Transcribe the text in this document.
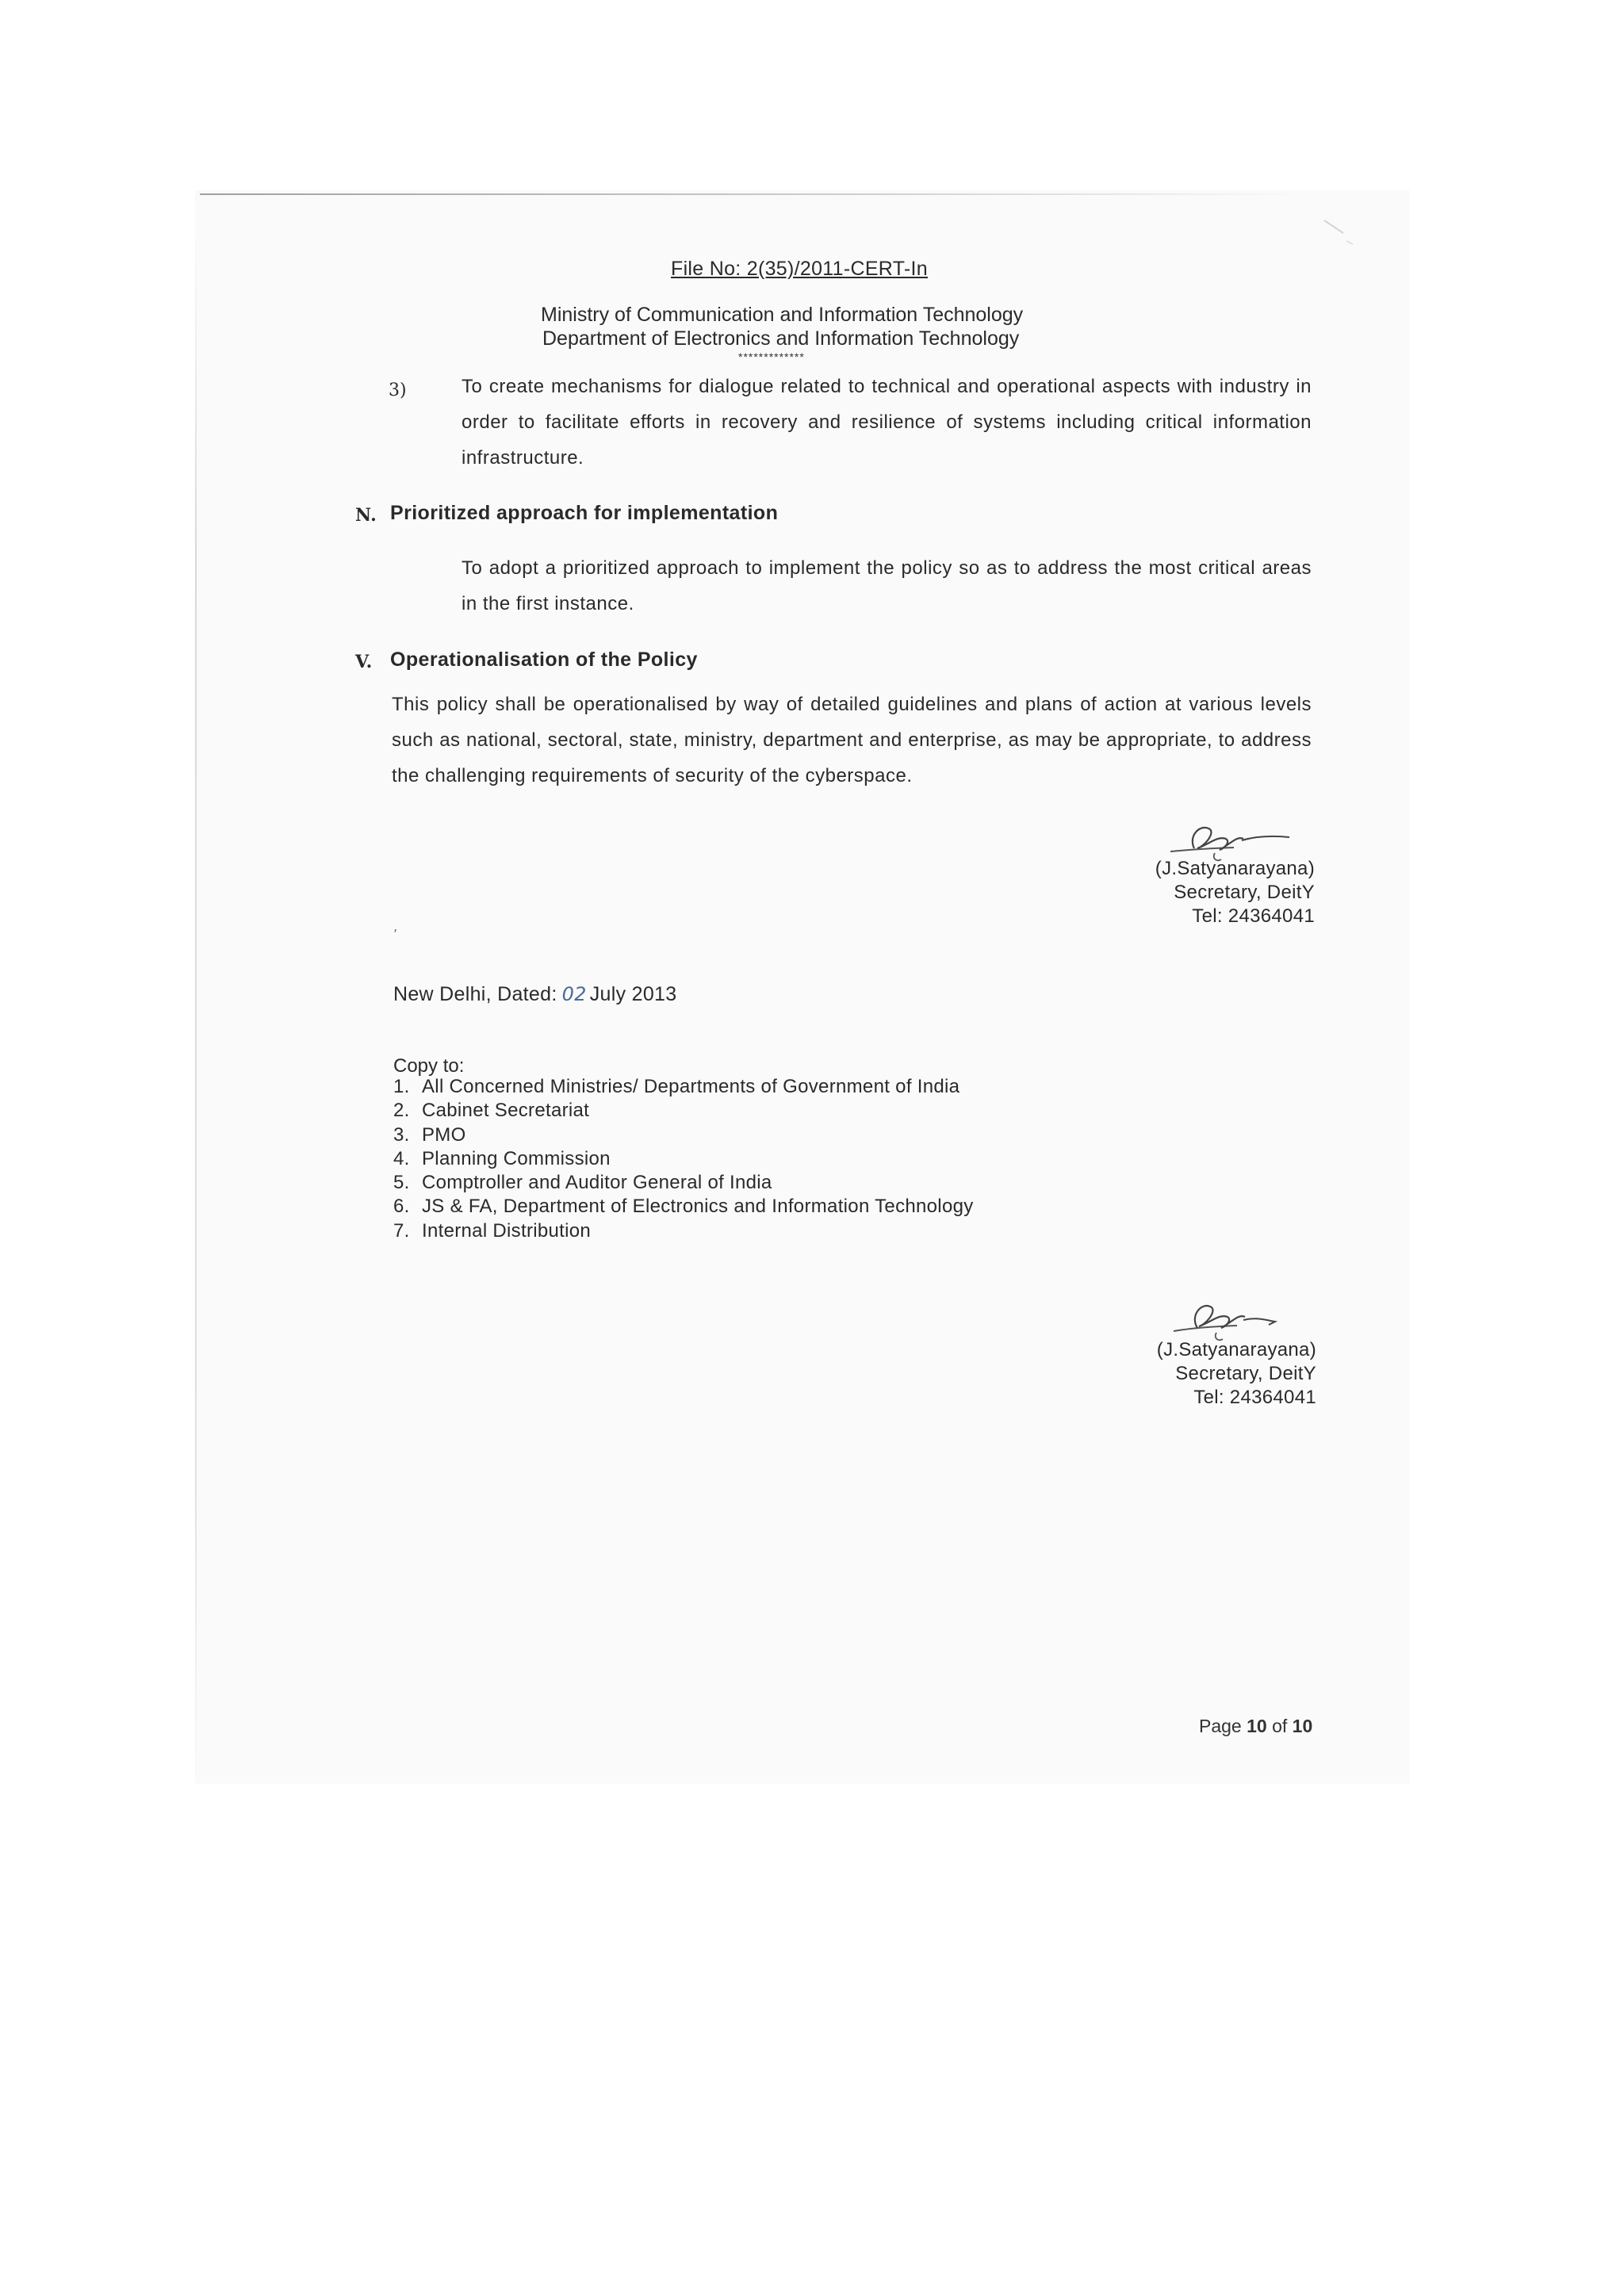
File No: 2(35)/2011-CERT-In
Ministry of Communication and Information Technology
Department of Electronics and Information Technology
*************
3)	To create mechanisms for dialogue related to technical and operational aspects with industry in order to facilitate efforts in recovery and resilience of systems including critical information infrastructure.
N. Prioritized approach for implementation
To adopt a prioritized approach to implement the policy so as to address the most critical areas in the first instance.
V. Operationalisation of the Policy
This policy shall be operationalised by way of detailed guidelines and plans of action at various levels such as national, sectoral, state, ministry, department and enterprise, as may be appropriate, to address the challenging requirements of security of the cyberspace.
(J.Satyanarayana)
Secretary, DeitY
Tel: 24364041
′
New Delhi, Dated: 02 July 2013
Copy to:
1. All Concerned Ministries/ Departments of Government of India
2. Cabinet Secretariat
3. PMO
4. Planning Commission
5. Comptroller and Auditor General of India
6. JS & FA, Department of Electronics and Information Technology
7. Internal Distribution
(J.Satyanarayana)
Secretary, DeitY
Tel: 24364041
Page 10 of 10
